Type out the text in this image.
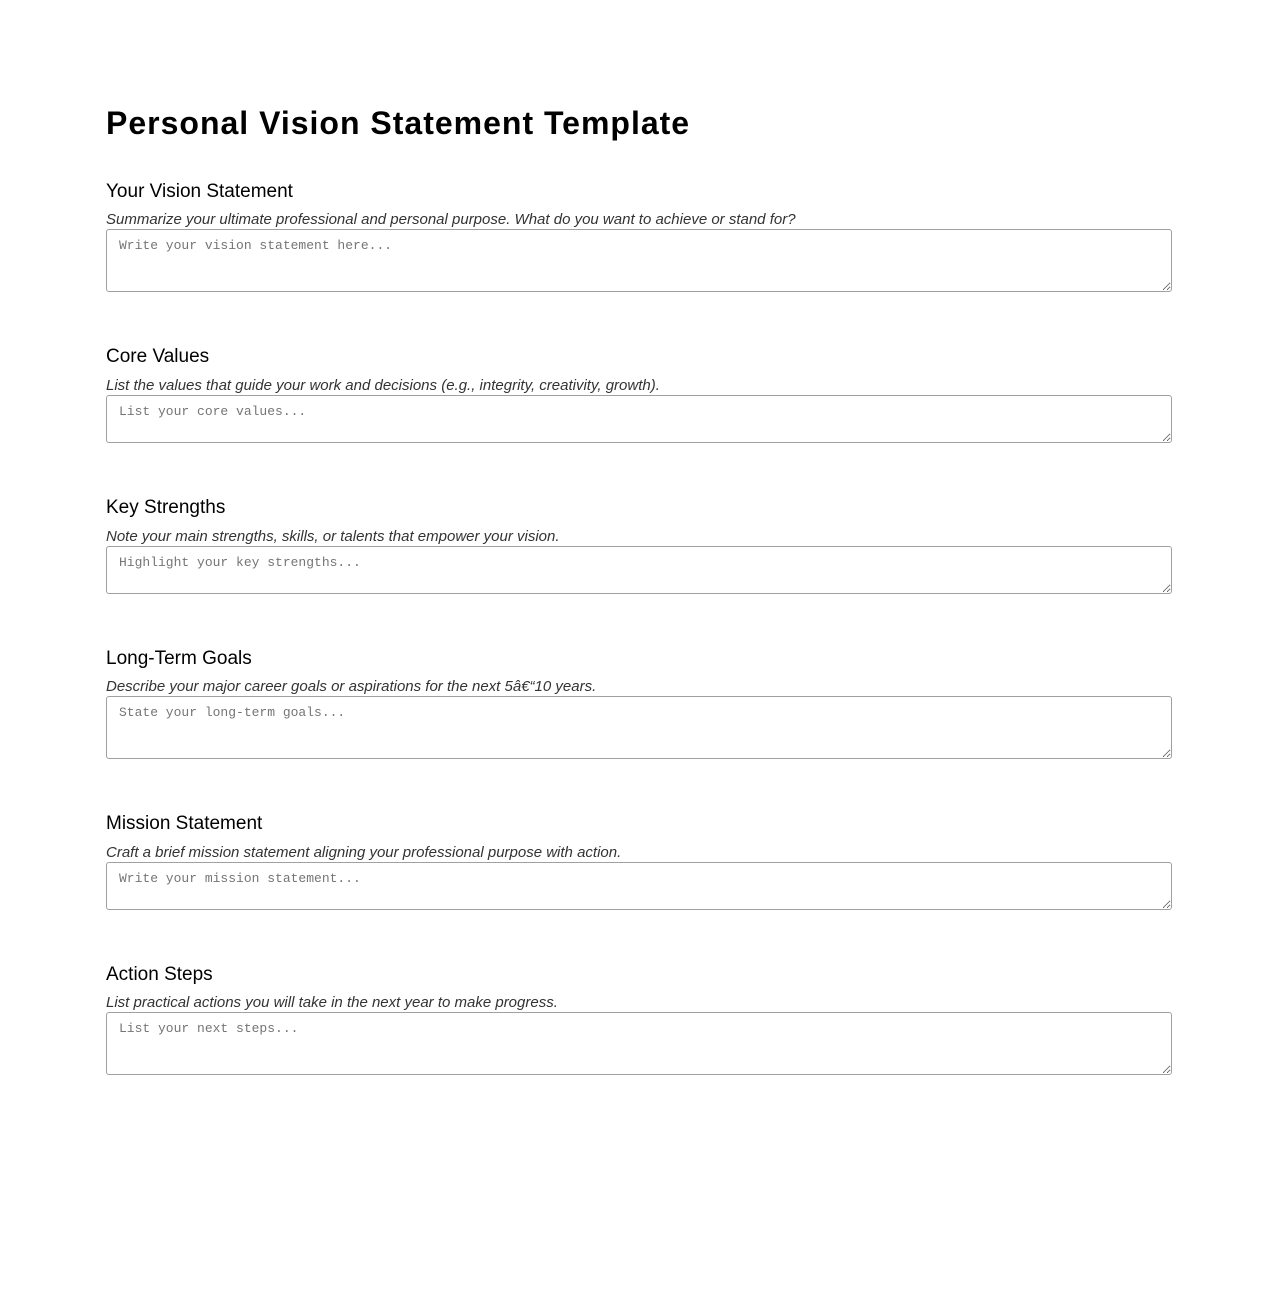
Personal Vision Statement Template
Your Vision Statement

Summarize your ultimate professional and personal purpose. What do you want to achieve or stand for?

Write your vision statement here...
Core Values

List the values that guide your work and decisions (e.g., integrity, creativity, growth).

List your core values...
Key Strengths

Note your main strengths, skills, or talents that empower your vision.

Highlight your key strengths...
Long-Term Goals

Describe your major career goals or aspirations for the next 5â€“10 years.

State your long-term goals...
Mission Statement

Craft a brief mission statement aligning your professional purpose with action.

Write your mission statement...
Action Steps

List practical actions you will take in the next year to make progress.

List your next steps...
